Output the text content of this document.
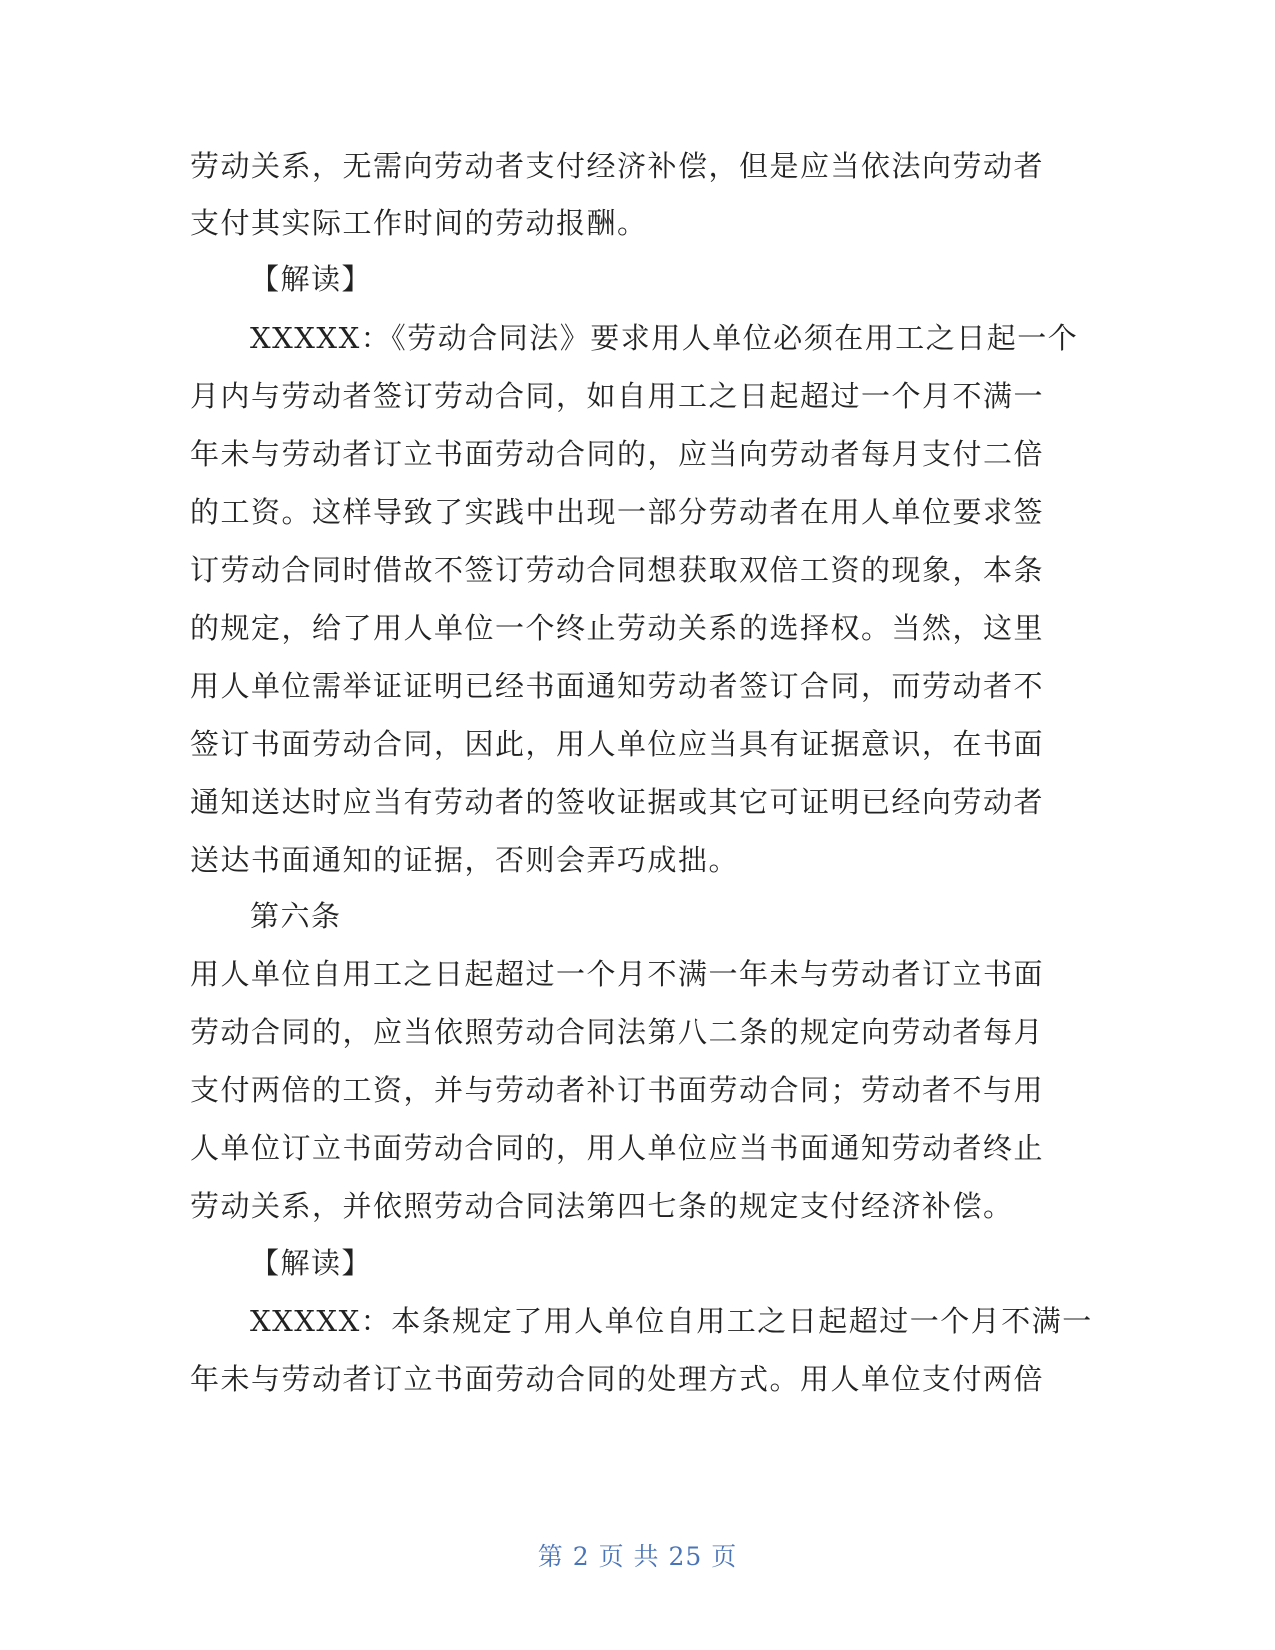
劳动关系，无需向劳动者支付经济补偿，但是应当依法向劳动者
支付其实际工作时间的劳动报酬。
【解读】
XXXXX：《劳动合同法》要求用人单位必须在用工之日起一个
月内与劳动者签订劳动合同，如自用工之日起超过一个月不满一
年未与劳动者订立书面劳动合同的，应当向劳动者每月支付二倍
的工资。这样导致了实践中出现一部分劳动者在用人单位要求签
订劳动合同时借故不签订劳动合同想获取双倍工资的现象，本条
的规定，给了用人单位一个终止劳动关系的选择权。当然，这里
用人单位需举证证明已经书面通知劳动者签订合同，而劳动者不
签订书面劳动合同，因此，用人单位应当具有证据意识，在书面
通知送达时应当有劳动者的签收证据或其它可证明已经向劳动者
送达书面通知的证据，否则会弄巧成拙。
第六条
用人单位自用工之日起超过一个月不满一年未与劳动者订立书面
劳动合同的，应当依照劳动合同法第八二条的规定向劳动者每月
支付两倍的工资，并与劳动者补订书面劳动合同；劳动者不与用
人单位订立书面劳动合同的，用人单位应当书面通知劳动者终止
劳动关系，并依照劳动合同法第四七条的规定支付经济补偿。
【解读】
XXXXX：本条规定了用人单位自用工之日起超过一个月不满一
年未与劳动者订立书面劳动合同的处理方式。用人单位支付两倍
第 2 页 共 25 页
